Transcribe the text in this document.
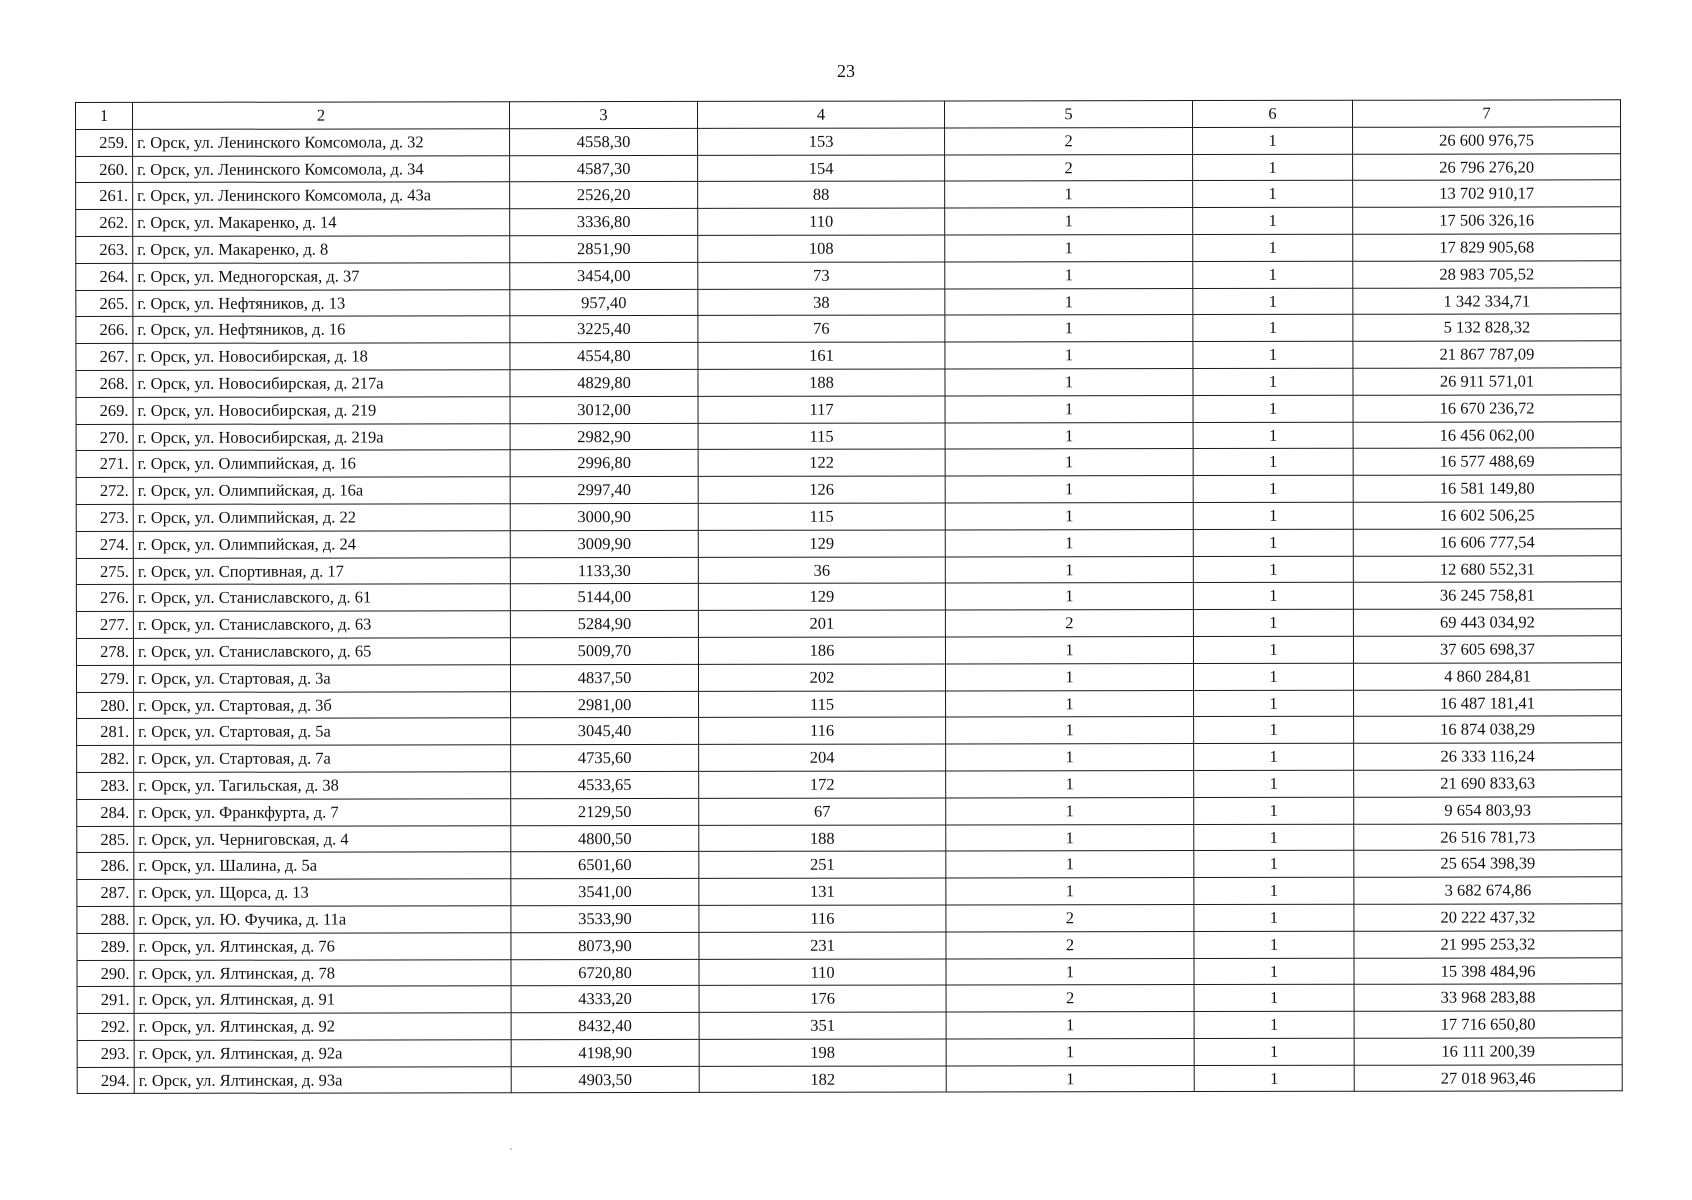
23
1	2	3	4	5	6	7
259.	г. Орск, ул. Ленинского Комсомола, д. 32	4558,30	153	2	1	26 600 976,75
260.	г. Орск, ул. Ленинского Комсомола, д. 34	4587,30	154	2	1	26 796 276,20
261.	г. Орск, ул. Ленинского Комсомола, д. 43а	2526,20	88	1	1	13 702 910,17
262.	г. Орск, ул. Макаренко, д. 14	3336,80	110	1	1	17 506 326,16
263.	г. Орск, ул. Макаренко, д. 8	2851,90	108	1	1	17 829 905,68
264.	г. Орск, ул. Медногорская, д. 37	3454,00	73	1	1	28 983 705,52
265.	г. Орск, ул. Нефтяников, д. 13	957,40	38	1	1	1 342 334,71
266.	г. Орск, ул. Нефтяников, д. 16	3225,40	76	1	1	5 132 828,32
267.	г. Орск, ул. Новосибирская, д. 18	4554,80	161	1	1	21 867 787,09
268.	г. Орск, ул. Новосибирская, д. 217а	4829,80	188	1	1	26 911 571,01
269.	г. Орск, ул. Новосибирская, д. 219	3012,00	117	1	1	16 670 236,72
270.	г. Орск, ул. Новосибирская, д. 219а	2982,90	115	1	1	16 456 062,00
271.	г. Орск, ул. Олимпийская, д. 16	2996,80	122	1	1	16 577 488,69
272.	г. Орск, ул. Олимпийская, д. 16а	2997,40	126	1	1	16 581 149,80
273.	г. Орск, ул. Олимпийская, д. 22	3000,90	115	1	1	16 602 506,25
274.	г. Орск, ул. Олимпийская, д. 24	3009,90	129	1	1	16 606 777,54
275.	г. Орск, ул. Спортивная, д. 17	1133,30	36	1	1	12 680 552,31
276.	г. Орск, ул. Станиславского, д. 61	5144,00	129	1	1	36 245 758,81
277.	г. Орск, ул. Станиславского, д. 63	5284,90	201	2	1	69 443 034,92
278.	г. Орск, ул. Станиславского, д. 65	5009,70	186	1	1	37 605 698,37
279.	г. Орск, ул. Стартовая, д. 3а	4837,50	202	1	1	4 860 284,81
280.	г. Орск, ул. Стартовая, д. 3б	2981,00	115	1	1	16 487 181,41
281.	г. Орск, ул. Стартовая, д. 5а	3045,40	116	1	1	16 874 038,29
282.	г. Орск, ул. Стартовая, д. 7а	4735,60	204	1	1	26 333 116,24
283.	г. Орск, ул. Тагильская, д. 38	4533,65	172	1	1	21 690 833,63
284.	г. Орск, ул. Франкфурта, д. 7	2129,50	67	1	1	9 654 803,93
285.	г. Орск, ул. Черниговская, д. 4	4800,50	188	1	1	26 516 781,73
286.	г. Орск, ул. Шалина, д. 5а	6501,60	251	1	1	25 654 398,39
287.	г. Орск, ул. Щорса, д. 13	3541,00	131	1	1	3 682 674,86
288.	г. Орск, ул. Ю. Фучика, д. 11а	3533,90	116	2	1	20 222 437,32
289.	г. Орск, ул. Ялтинская, д. 76	8073,90	231	2	1	21 995 253,32
290.	г. Орск, ул. Ялтинская, д. 78	6720,80	110	1	1	15 398 484,96
291.	г. Орск, ул. Ялтинская, д. 91	4333,20	176	2	1	33 968 283,88
292.	г. Орск, ул. Ялтинская, д. 92	8432,40	351	1	1	17 716 650,80
293.	г. Орск, ул. Ялтинская, д. 92а	4198,90	198	1	1	16 111 200,39
294.	г. Орск, ул. Ялтинская, д. 93а	4903,50	182	1	1	27 018 963,46
